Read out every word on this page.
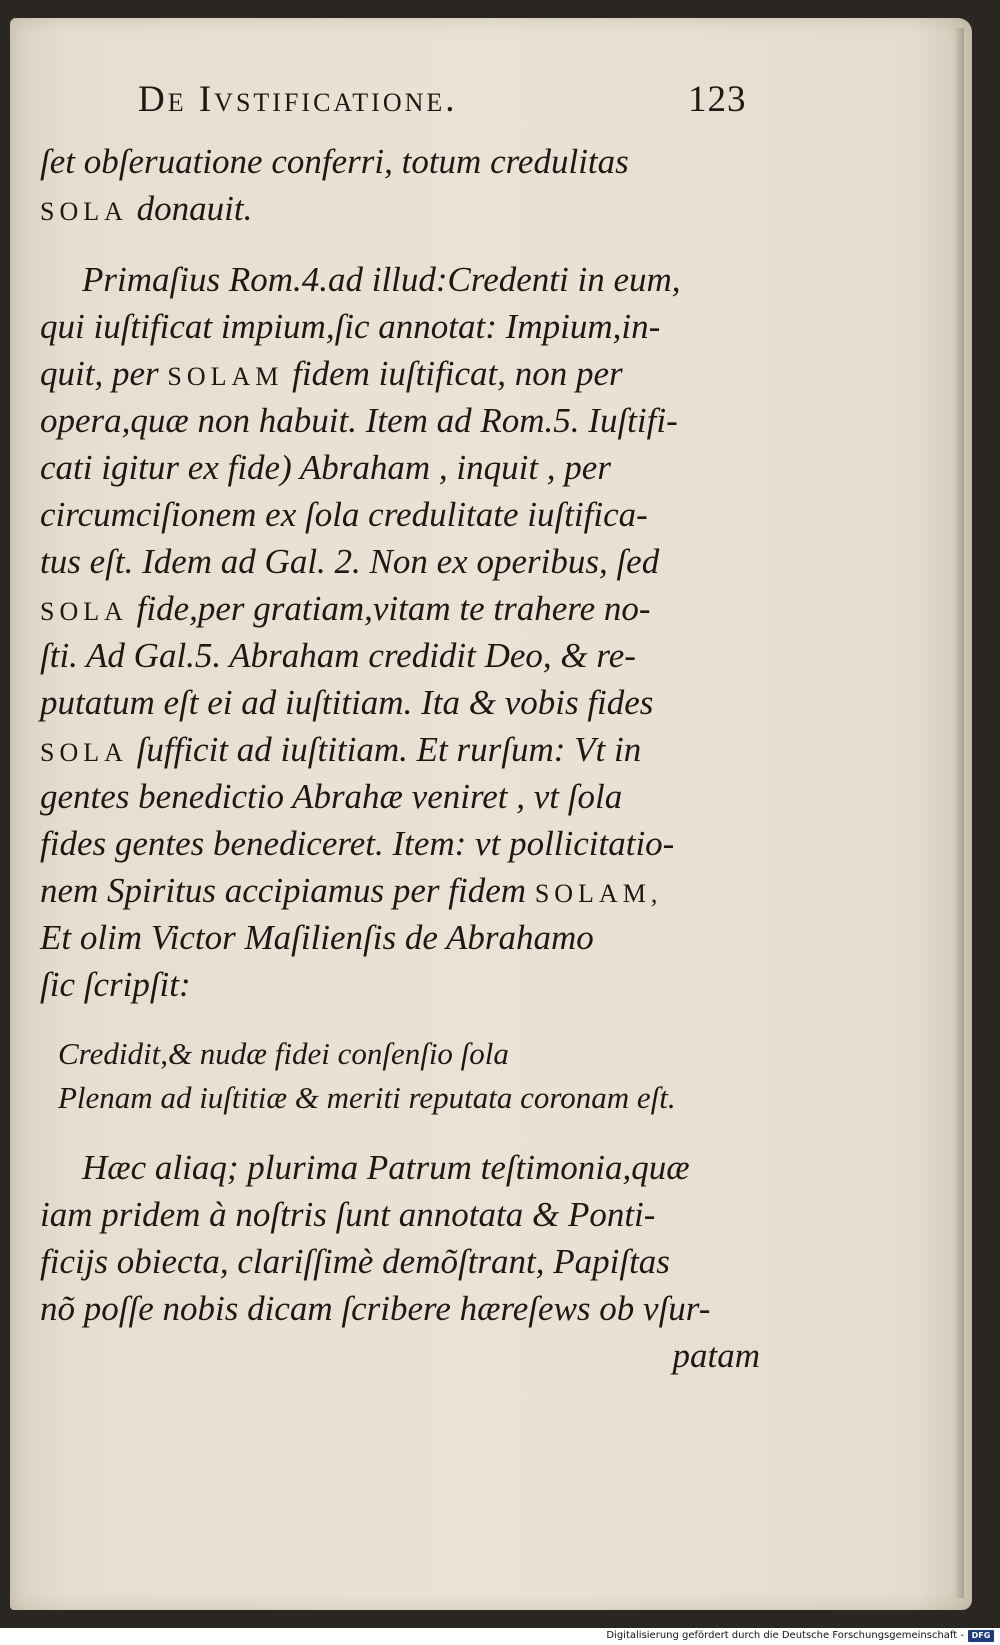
De Ivstificatione.	123
ſet obſeruatione conferri, totum credulitas
SOLA donauit.
Primaſius Rom.4.ad illud:Credenti in eum,
qui iuſtificat impium,ſic annotat: Impium,in-
quit, per SOLAM fidem iuſtificat, non per
opera,quæ non habuit. Item ad Rom.5. Iuſtifi-
cati igitur ex fide) Abraham , inquit , per
circumciſionem ex ſola credulitate iuſtifica-
tus eſt. Idem ad Gal. 2. Non ex operibus, ſed
SOLA fide,per gratiam,vitam te trahere no-
ſti. Ad Gal.5. Abraham credidit Deo, & re-
putatum eſt ei ad iuſtitiam. Ita & vobis fides
SOLA ſufficit ad iuſtitiam. Et rurſum: Vt in
gentes benedictio Abrahæ veniret , vt ſola
fides gentes benediceret. Item: vt pollicitatio-
nem Spiritus accipiamus per fidem SOLAM,
Et olim Victor Maſilienſis de Abrahamo
ſic ſcripſit:
Credidit,& nudæ fidei conſenſio ſola
Plenam ad iuſtitiæ & meriti reputata coronam eſt.
Hæc aliaq; plurima Patrum teſtimonia,quæ
iam pridem à noſtris ſunt annotata & Ponti-
ficijs obiecta, clariſſimè demõſtrant, Papiſtas
nõ poſſe nobis dicam ſcribere hæreſews ob vſur-
patam
Digitalisierung gefördert durch die Deutsche Forschungsgemeinschaft - DFG
